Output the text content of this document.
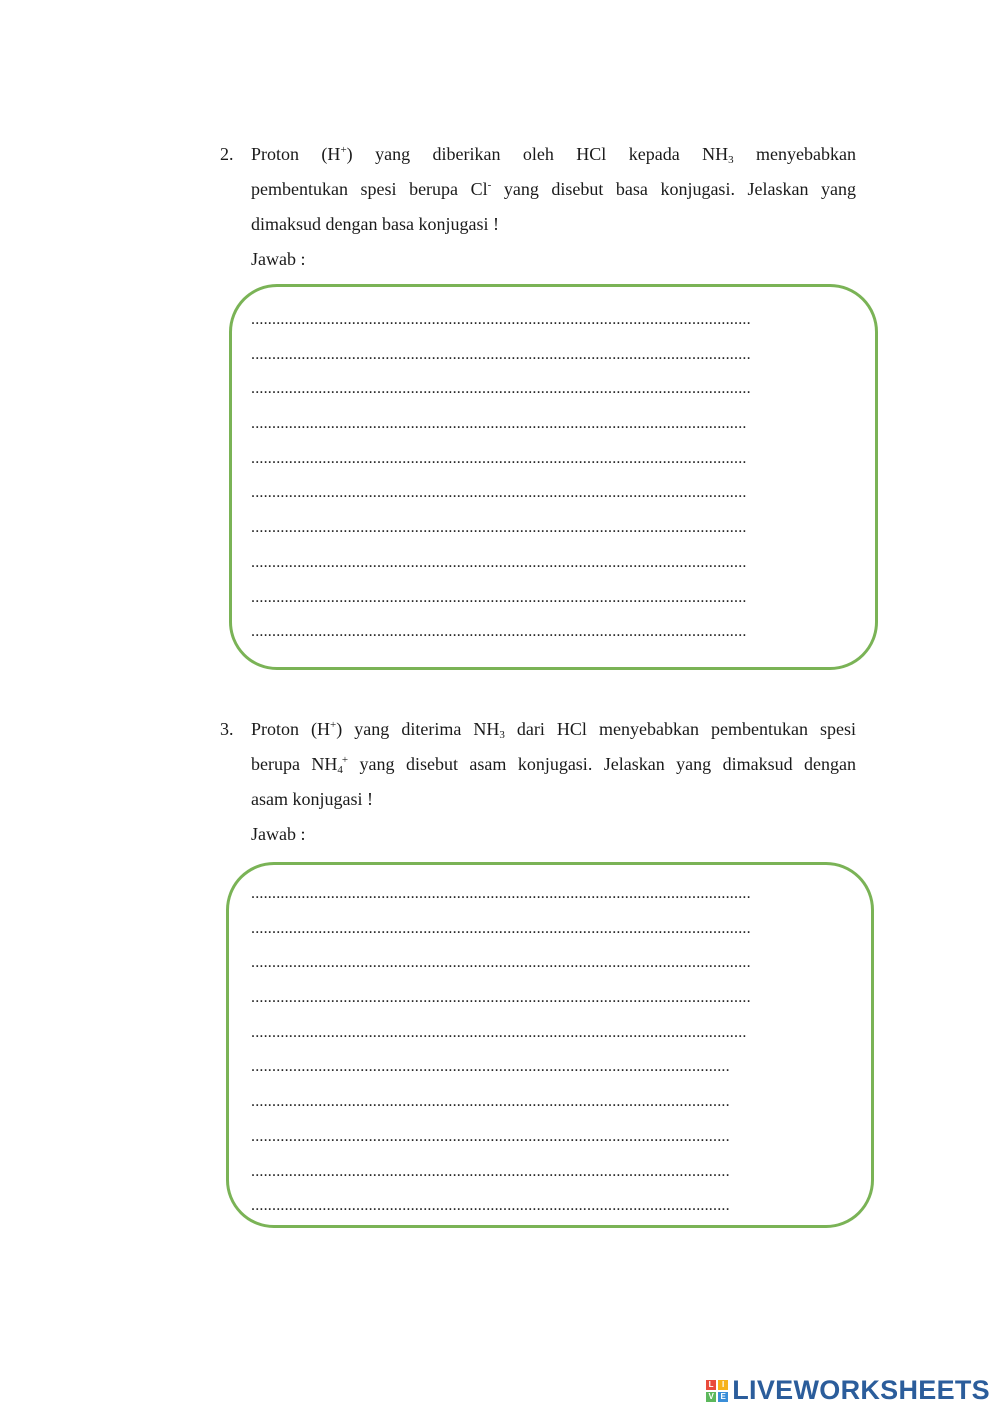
2. Proton (H+) yang diberikan oleh HCl kepada $NH_3$ menyebabkan
pembentukan spesi berupa Cl- yang disebut basa konjugasi. Jelaskan yang
dimaksud dengan basa konjugasi !
Jawab :
.......................................................................................................................
.......................................................................................................................
.......................................................................................................................
......................................................................................................................
......................................................................................................................
......................................................................................................................
......................................................................................................................
......................................................................................................................
......................................................................................................................
......................................................................................................................
3. Proton (H+) yang diterima $NH_3$ dari HCl menyebabkan pembentukan spesi
berupa $NH_4^+$ yang disebut asam konjugasi. Jelaskan yang dimaksud dengan
asam konjugasi !
Jawab :
.......................................................................................................................
.......................................................................................................................
.......................................................................................................................
.......................................................................................................................
......................................................................................................................
..................................................................................................................
..................................................................................................................
..................................................................................................................
..................................................................................................................
..................................................................................................................
L	I
V E LIVEWORKSHEETS
